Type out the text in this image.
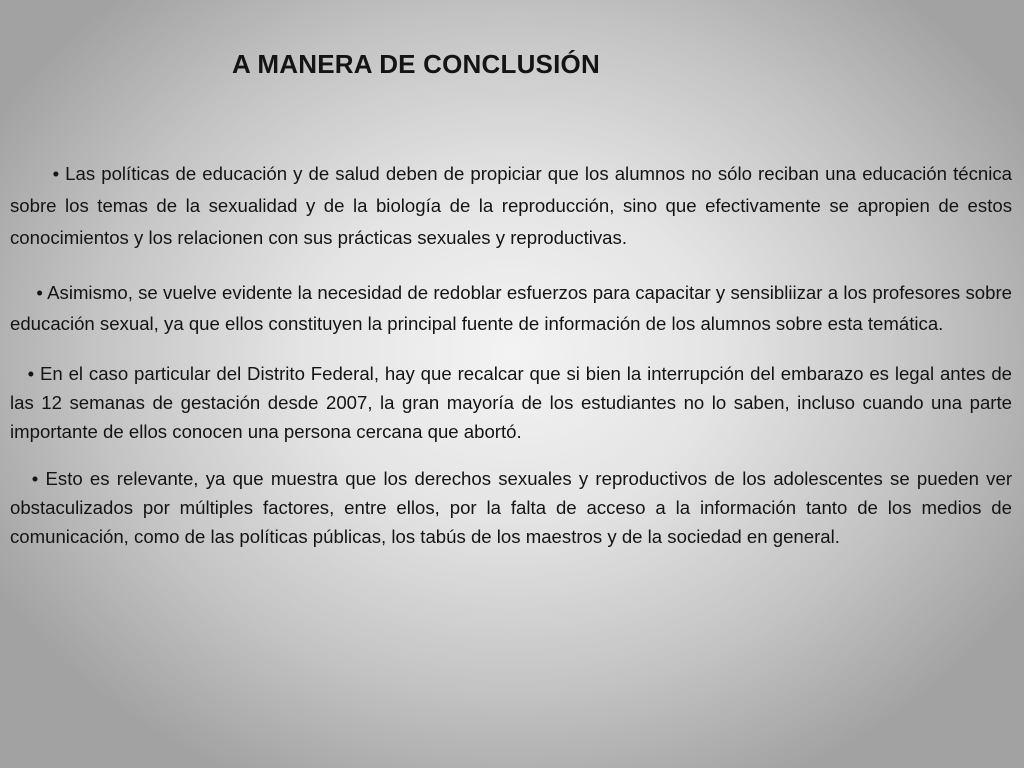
A MANERA DE CONCLUSIÓN

• Las políticas de educación y de salud deben de propiciar que los alumnos no sólo reciban una educación técnica sobre los temas de la sexualidad y de la biología de la reproducción, sino que efectivamente se apropien de estos conocimientos y los relacionen con sus prácticas sexuales y reproductivas.

• Asimismo, se vuelve evidente la necesidad de redoblar esfuerzos para capacitar y sensibliizar a los profesores sobre educación sexual, ya que ellos constituyen la principal fuente de información de los alumnos sobre esta temática.

• En el caso particular del Distrito Federal, hay que recalcar que si bien la interrupción del embarazo es legal antes de las 12 semanas de gestación desde 2007, la gran mayoría de los estudiantes no lo saben, incluso cuando una parte importante de ellos conocen una persona cercana que abortó.

• Esto es relevante, ya que muestra que los derechos sexuales y reproductivos de los adolescentes se pueden ver obstaculizados por múltiples factores, entre ellos, por la falta de acceso a la información tanto de los medios de comunicación, como de las políticas públicas, los tabús de los maestros y de la sociedad en general.
